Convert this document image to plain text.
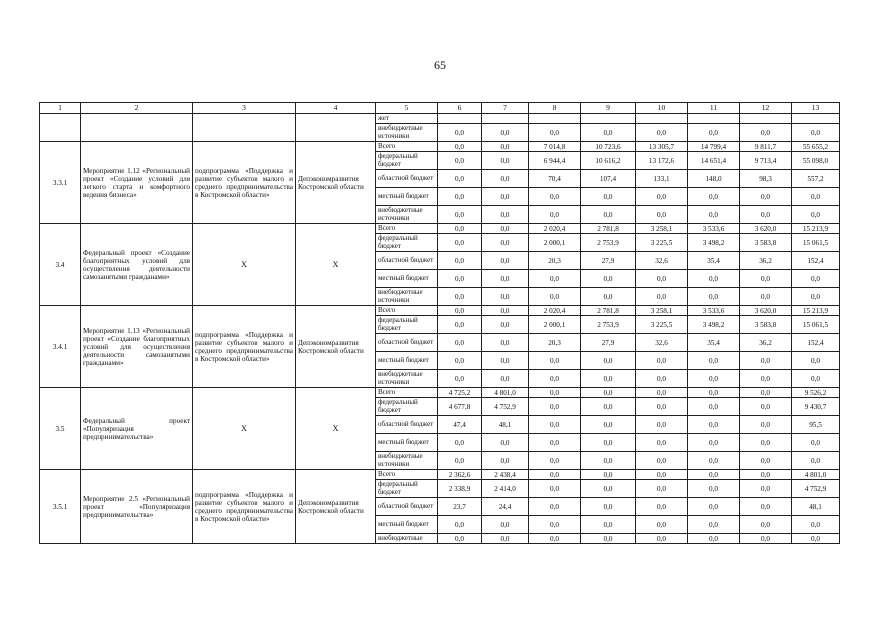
65
1	2	3	4	5	6	7	8	9	10	11	12	13
				жет								
				внебюджетные источники	0,0	0,0	0,0	0,0	0,0	0,0	0,0	0,0
3.3.1	Мероприятие 1.12 «Региональный проект «Создание условий для легкого старта и комфортного ведения бизнеса»	подпрограмма «Поддержка и развитие субъектов малого и среднего предпринимательства в Костромской области»	Депэкономразвития Костромской области	Всего	0,0	0,0	7 014,8	10 723,6	13 305,7	14 799,4	9 811,7	55 655,2
				федеральный бюджет	0,0	0,0	6 944,4	10 616,2	13 172,6	14 651,4	9 713,4	55 098,0
				областной бюджет	0,0	0,0	70,4	107,4	133,1	148,0	98,3	557,2
				местный бюджет	0,0	0,0	0,0	0,0	0,0	0,0	0,0	0,0
				внебюджетные источники	0,0	0,0	0,0	0,0	0,0	0,0	0,0	0,0
3.4	Федеральный проект «Создание благоприятных условий для осуществления деятельности самозанятыми гражданами»	X	X	Всего	0,0	0,0	2 020,4	2 781,8	3 258,1	3 533,6	3 620,0	15 213,9
				федеральный бюджет	0,0	0,0	2 000,1	2 753,9	3 225,5	3 498,2	3 583,8	15 061,5
				областной бюджет	0,0	0,0	20,3	27,9	32,6	35,4	36,2	152,4
				местный бюджет	0,0	0,0	0,0	0,0	0,0	0,0	0,0	0,0
				внебюджетные источники	0,0	0,0	0,0	0,0	0,0	0,0	0,0	0,0
3.4.1	Мероприятие 1.13 «Региональный проект «Создание благоприятных условий для осуществления деятельности самозанятыми гражданами»	подпрограмма «Поддержка и развитие субъектов малого и среднего предпринимательства в Костромской области»	Депэкономразвития Костромской области	Всего	0,0	0,0	2 020,4	2 781,8	3 258,1	3 533,6	3 620,0	15 213,9
				федеральный бюджет	0,0	0,0	2 000,1	2 753,9	3 225,5	3 498,2	3 583,8	15 061,5
				областной бюджет	0,0	0,0	20,3	27,9	32,6	35,4	36,2	152,4
				местный бюджет	0,0	0,0	0,0	0,0	0,0	0,0	0,0	0,0
				внебюджетные источники	0,0	0,0	0,0	0,0	0,0	0,0	0,0	0,0
3.5	Федеральный проект «Популяризация предпринимательства»	X	X	Всего	4 725,2	4 801,0	0,0	0,0	0,0	0,0	0,0	9 526,2
				федеральный бюджет	4 677,8	4 752,9	0,0	0,0	0,0	0,0	0,0	9 430,7
				областной бюджет	47,4	48,1	0,0	0,0	0,0	0,0	0,0	95,5
				местный бюджет	0,0	0,0	0,0	0,0	0,0	0,0	0,0	0,0
				внебюджетные источники	0,0	0,0	0,0	0,0	0,0	0,0	0,0	0,0
3.5.1	Мероприятие 2.5 «Региональный проект «Популяризация предпринимательства»	подпрограмма «Поддержка и развитие субъектов малого и среднего предпринимательства в Костромской области»	Депэкономразвития Костромской области	Всего	2 362,6	2 438,4	0,0	0,0	0,0	0,0	0,0	4 801,0
				федеральный бюджет	2 338,9	2 414,0	0,0	0,0	0,0	0,0	0,0	4 752,9
				областной бюджет	23,7	24,4	0,0	0,0	0,0	0,0	0,0	48,1
				местный бюджет	0,0	0,0	0,0	0,0	0,0	0,0	0,0	0,0
				внебюджетные	0,0	0,0	0,0	0,0	0,0	0,0	0,0	0,0
